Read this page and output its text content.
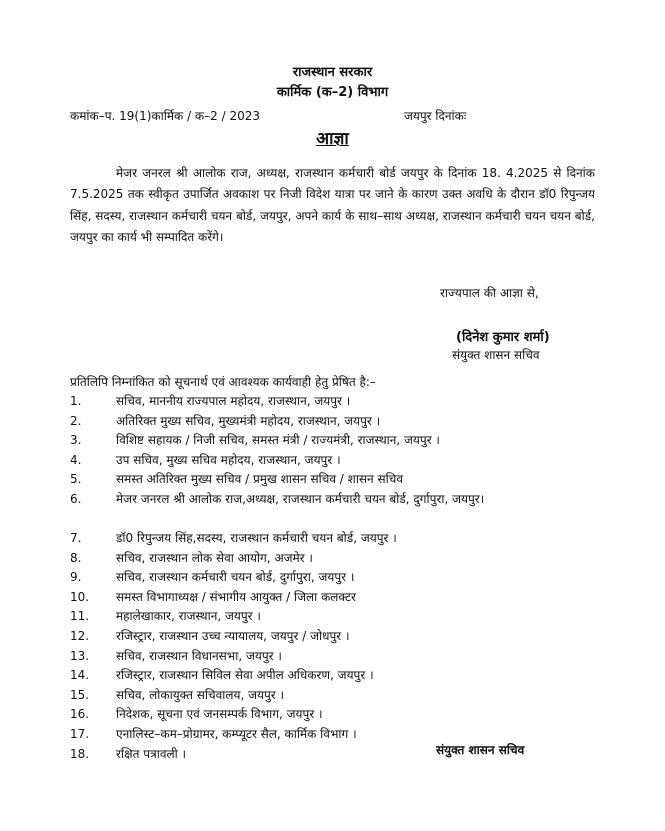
राजस्थान सरकार
कार्मिक (क–2) विभाग
कमांक–प. 19(1)कार्मिक / क–2 / 2023	जयपुर दिनांकः
आज्ञा
मेजर जनरल श्री आलोक राज, अध्यक्ष, राजस्थान कर्मचारी बोर्ड जयपुर के दिनांक 18. 4.2025 से दिनांक 7.5.2025 तक स्वीकृत उपार्जित अवकाश पर निजी विदेश यात्रा पर जाने के कारण उक्त अवधि के दौरान डॉ0 रिपुन्जय सिंह, सदस्य, राजस्थान कर्मचारी चयन बोर्ड, जयपुर, अपने कार्य के साथ–साथ अध्यक्ष, राजस्थान कर्मचारी चयन चयन बोर्ड, जयपुर का कार्य भी सम्पादित करेंगे।
राज्यपाल की आज्ञा से,
(दिनेश कुमार शर्मा)
संयुक्त शासन सचिव
प्रतिलिपि निम्नांकित को सूचनार्थ एवं आवश्यक कार्यवाही हेतु प्रेषित है:–
1.	सचिव, माननीय राज्यपाल महोदय, राजस्थान, जयपुर ।
2.	अतिरिक्त मुख्य सचिव, मुख्यमंत्री महोदय, राजस्थान, जयपुर ।
3.	विशिष्ट सहायक / निजी सचिव, समस्त मंत्री / राज्यमंत्री, राजस्थान, जयपुर ।
4.	उप सचिव, मुख्य सचिव महोदय, राजस्थान, जयपुर ।
5.	समस्त अतिरिक्त मुख्य सचिव / प्रमुख शासन सचिव / शासन सचिव
6.	मेजर जनरल श्री आलोक राज,अध्यक्ष, राजस्थान कर्मचारी चयन बोर्ड, दुर्गापुरा, जयपुर।
7.	डॉ0 रिपुन्जय सिंह,सदस्य, राजस्थान कर्मचारी चयन बोर्ड, जयपुर ।
8.	सचिव, राजस्थान लोक सेवा आयोग, अजमेर ।
9.	सचिव, राजस्थान कर्मचारी चयन बोर्ड, दुर्गापुरा, जयपुर ।
10.	समस्त विभागाध्यक्ष / संभागीय आयुक्त / जिला कलक्टर
11.	महालेखाकार, राजस्थान, जयपुर ।
12.	रजिस्ट्रार, राजस्थान उच्च न्यायालय, जयपुर / जोधपुर ।
13.	सचिव, राजस्थान विधानसभा, जयपुर ।
14.	रजिस्ट्रार, राजस्थान सिविल सेवा अपील अधिकरण, जयपुर ।
15.	सचिव, लोकायुक्त सचिवालय, जयपुर ।
16.	निदेशक, सूचना एवं जनसम्पर्क विभाग, जयपुर ।
17.	एनालिस्ट–कम–प्रोग्रामर, कम्प्यूटर सैल, कार्मिक विभाग ।
18.	रक्षित पत्रावली ।	संयुक्त शासन सचिव
